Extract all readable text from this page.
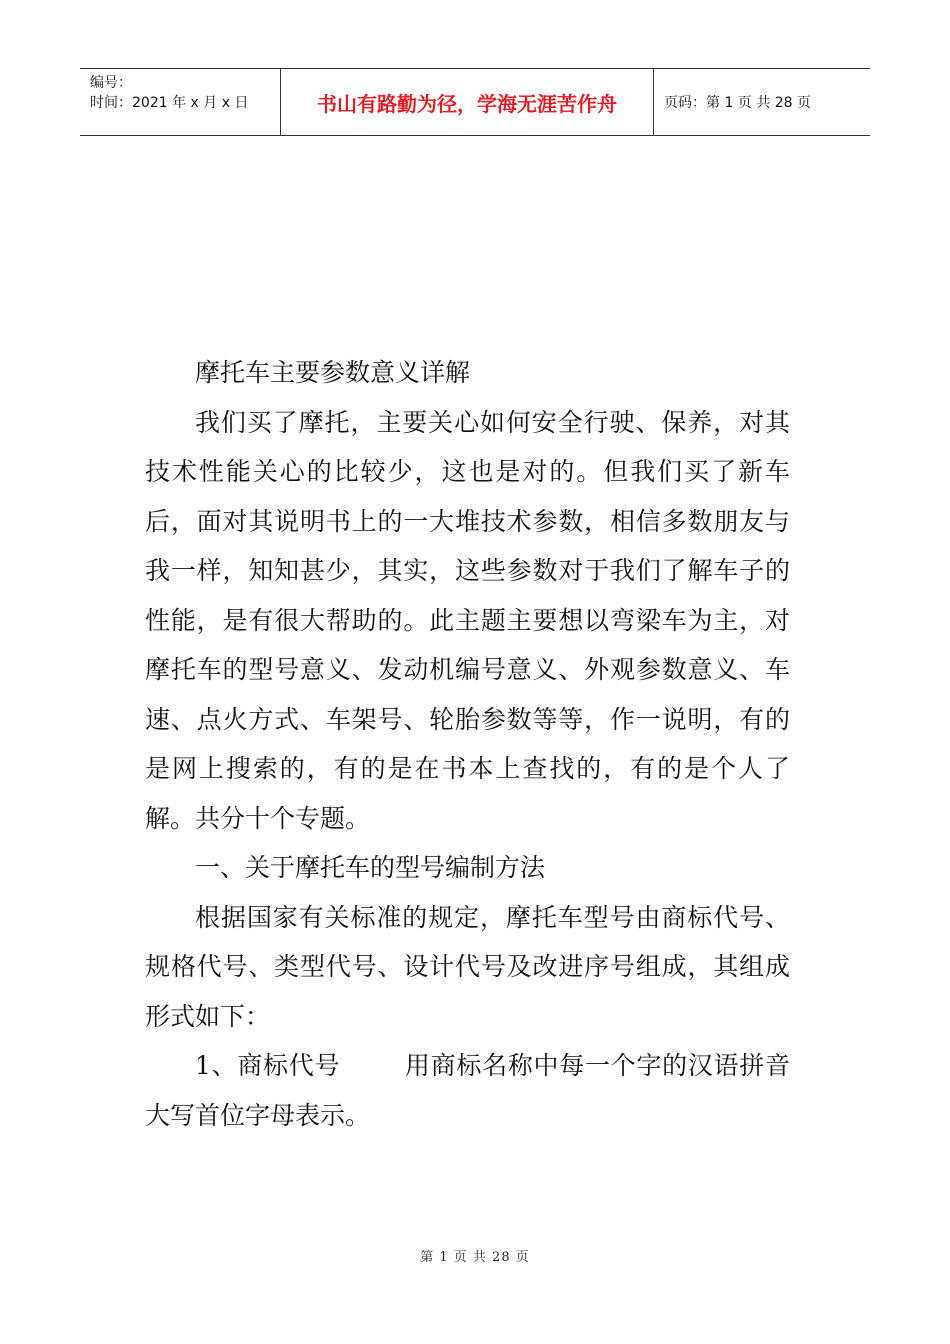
编号：
时间：2021 年 x 月 x 日	书山有路勤为径，学海无涯苦作舟	页码：第 1 页 共 28 页

摩托车主要参数意义详解

我们买了摩托，主要关心如何安全行驶、保养，对其技术性能关心的比较少，这也是对的。但我们买了新车后，面对其说明书上的一大堆技术参数，相信多数朋友与我一样，知知甚少，其实，这些参数对于我们了解车子的性能，是有很大帮助的。此主题主要想以弯梁车为主，对摩托车的型号意义、发动机编号意义、外观参数意义、车速、点火方式、车架号、轮胎参数等等，作一说明，有的是网上搜索的，有的是在书本上查找的，有的是个人了解。共分十个专题。

一、关于摩托车的型号编制方法

根据国家有关标准的规定，摩托车型号由商标代号、规格代号、类型代号、设计代号及改进序号组成，其组成形式如下：

1、商标代号	用商标名称中每一个字的汉语拼音大写首位字母表示。

第 1 页 共 28 页
